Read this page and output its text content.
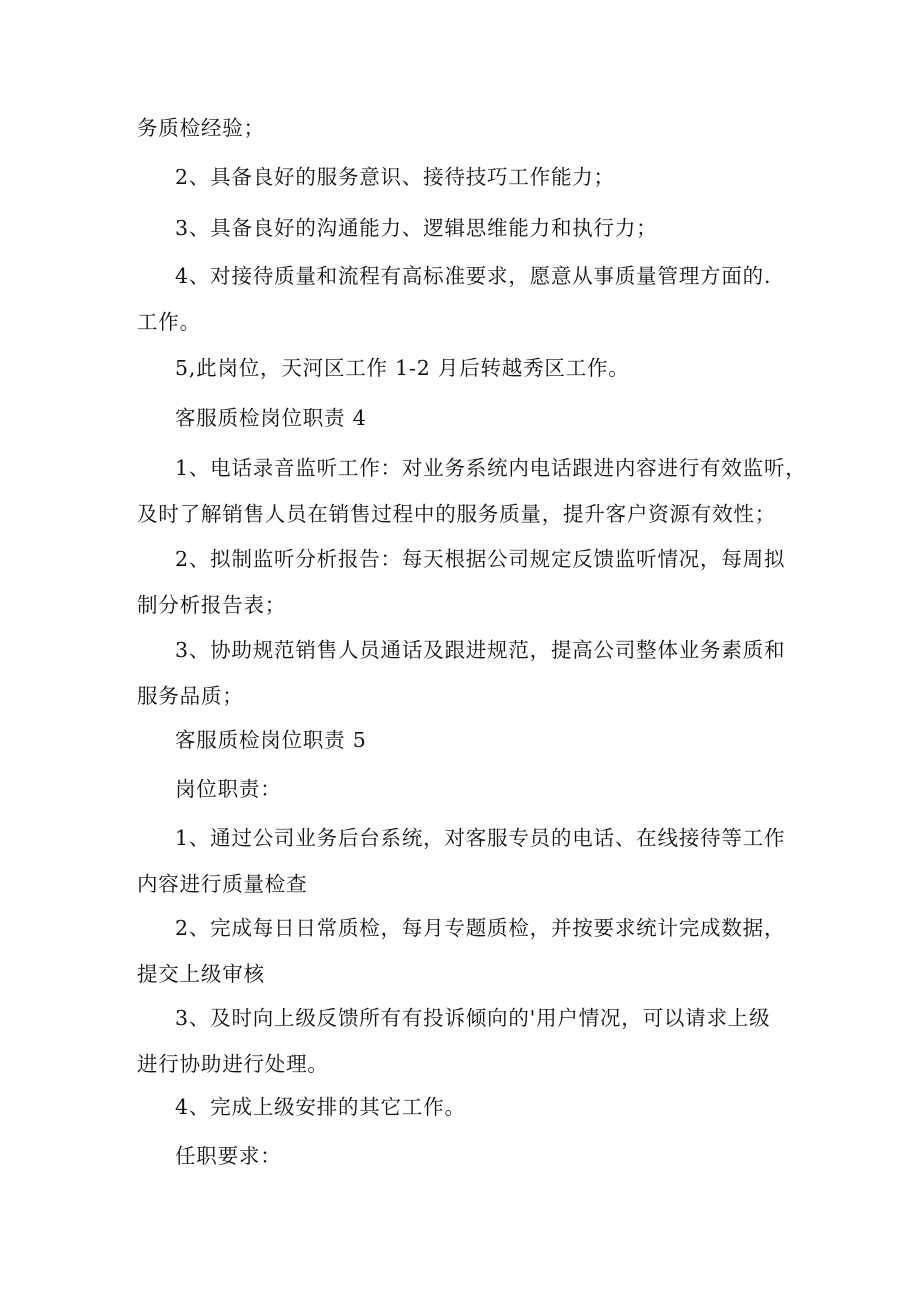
务质检经验；

2、具备良好的服务意识、接待技巧工作能力；

3、具备良好的沟通能力、逻辑思维能力和执行力；

4、对接待质量和流程有高标准要求，愿意从事质量管理方面的.
工作。

5,此岗位，天河区工作 1-2 月后转越秀区工作。

客服质检岗位职责 4

1、电话录音监听工作：对业务系统内电话跟进内容进行有效监听，
及时了解销售人员在销售过程中的服务质量，提升客户资源有效性；

2、拟制监听分析报告：每天根据公司规定反馈监听情况，每周拟
制分析报告表；

3、协助规范销售人员通话及跟进规范，提高公司整体业务素质和
服务品质；

客服质检岗位职责 5

岗位职责：

1、通过公司业务后台系统，对客服专员的电话、在线接待等工作
内容进行质量检查

2、完成每日日常质检，每月专题质检，并按要求统计完成数据，
提交上级审核

3、及时向上级反馈所有有投诉倾向的'用户情况，可以请求上级
进行协助进行处理。

4、完成上级安排的其它工作。

任职要求：
